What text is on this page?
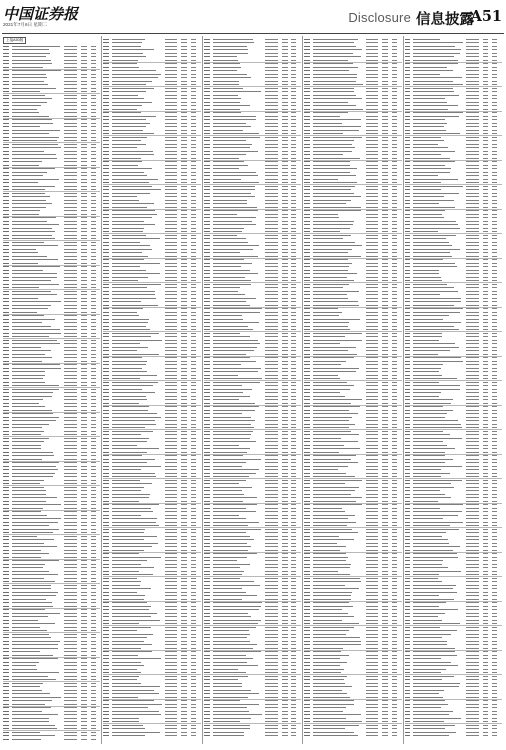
中国证券报
2021年7月6日 星期二	Disclosure 信息披露
A51
上接A50版
